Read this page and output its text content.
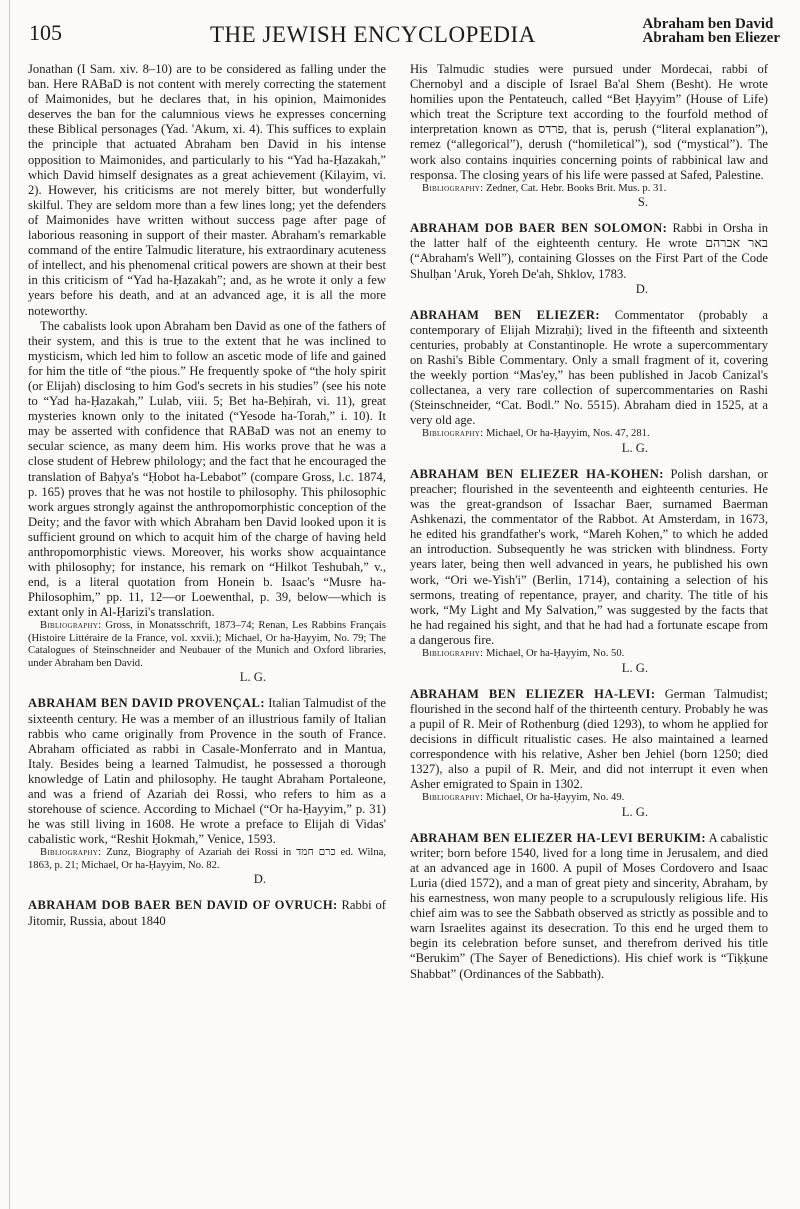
105	THE JEWISH ENCYCLOPEDIA	Abraham ben David
Abraham ben Eliezer

Jonathan (I Sam. xiv. 8–10) are to be considered as falling under the ban. Here RABaD is not content with merely correcting the statement of Maimonides, but he declares that, in his opinion, Maimonides deserves the ban for the calumnious views he expresses concerning these Biblical personages (Yad. 'Akum, xi. 4). This suffices to explain the principle that actuated Abraham ben David in his intense opposition to Maimonides, and particularly to his “Yad ha-Ḥazakah,” which David himself designates as a great achievement (Kilayim, vi. 2). However, his criticisms are not merely bitter, but wonderfully skilful. They are seldom more than a few lines long; yet the defenders of Maimonides have written without success page after page of laborious reasoning in support of their master. Abraham's remarkable command of the entire Talmudic literature, his extraordinary acuteness of intellect, and his phenomenal critical powers are shown at their best in this criticism of “Yad ha-Ḥazakah”; and, as he wrote it only a few years before his death, and at an advanced age, it is all the more noteworthy.

The cabalists look upon Abraham ben David as one of the fathers of their system, and this is true to the extent that he was inclined to mysticism, which led him to follow an ascetic mode of life and gained for him the title of “the pious.” He frequently spoke of “the holy spirit (or Elijah) disclosing to him God's secrets in his studies” (see his note to “Yad ha-Ḥazakah,” Lulab, viii. 5; Bet ha-Beḥirah, vi. 11), great mysteries known only to the initated (“Yesode ha-Torah,” i. 10). It may be asserted with confidence that RABaD was not an enemy to secular science, as many deem him. His works prove that he was a close student of Hebrew philology; and the fact that he encouraged the translation of Baḥya's “Ḥobot ha-Lebabot” (compare Gross, l.c. 1874, p. 165) proves that he was not hostile to philosophy. This philosophic work argues strongly against the anthropomorphistic conception of the Deity; and the favor with which Abraham ben David looked upon it is sufficient ground on which to acquit him of the charge of having held anthropomorphistic views. Moreover, his works show acquaintance with philosophy; for instance, his remark on “Hilkot Teshubah,” v., end, is a literal quotation from Honein b. Isaac's “Musre ha-Philosophim,” pp. 11, 12—or Loewenthal, p. 39, below—which is extant only in Al-Ḥarizi's translation.

Bibliography: Gross, in Monatsschrift, 1873–74; Renan, Les Rabbins Français (Histoire Littéraire de la France, vol. xxvii.); Michael, Or ha-Ḥayyim, No. 79; The Catalogues of Steinschneider and Neubauer of the Munich and Oxford libraries, under Abraham ben David.

L. G.

ABRAHAM BEN DAVID PROVENÇAL: Italian Talmudist of the sixteenth century. He was a member of an illustrious family of Italian rabbis who came originally from Provence in the south of France. Abraham officiated as rabbi in Casale-Monferrato and in Mantua, Italy. Besides being a learned Talmudist, he possessed a thorough knowledge of Latin and philosophy. He taught Abraham Portaleone, and was a friend of Azariah dei Rossi, who refers to him as a storehouse of science. According to Michael (“Or ha-Ḥayyim,” p. 31) he was still living in 1608. He wrote a preface to Elijah di Vidas' cabalistic work, “Reshit Ḥokmah,” Venice, 1593.

Bibliography: Zunz, Biography of Azariah dei Rossi in כרם חמד ed. Wilna, 1863, p. 21; Michael, Or ha-Ḥayyim, No. 82.

D.

ABRAHAM DOB BAER BEN DAVID OF OVRUCH: Rabbi of Jitomir, Russia, about 1840

His Talmudic studies were pursued under Mordecai, rabbi of Chernobyl and a disciple of Israel Ba'al Shem (Besht). He wrote homilies upon the Pentateuch, called “Bet Ḥayyim” (House of Life) which treat the Scripture text according to the fourfold method of interpretation known as פרדס, that is, perush (“literal explanation”), remez (“allegorical”), derush (“homiletical”), sod (“mystical”). The work also contains inquiries concerning points of rabbinical law and responsa. The closing years of his life were passed at Safed, Palestine.

Bibliography: Zedner, Cat. Hebr. Books Brit. Mus. p. 31.

S.

ABRAHAM DOB BAER BEN SOLOMON: Rabbi in Orsha in the latter half of the eighteenth century. He wrote באר אברהם (“Abraham's Well”), containing Glosses on the First Part of the Code Shulḥan 'Aruk, Yoreh De'ah, Shklov, 1783.

D.

ABRAHAM BEN ELIEZER: Commentator (probably a contemporary of Elijah Mizraḥi); lived in the fifteenth and sixteenth centuries, probably at Constantinople. He wrote a supercommentary on Rashi's Bible Commentary. Only a small fragment of it, covering the weekly portion “Mas'ey,” has been published in Jacob Canizal's collectanea, a very rare collection of supercommentaries on Rashi (Steinschneider, “Cat. Bodl.” No. 5515). Abraham died in 1525, at a very old age.

Bibliography: Michael, Or ha-Ḥayyim, Nos. 47, 281.

L. G.

ABRAHAM BEN ELIEZER HA-KOHEN: Polish darshan, or preacher; flourished in the seventeenth and eighteenth centuries. He was the great-grandson of Issachar Baer, surnamed Baerman Ashkenazi, the commentator of the Rabbot. At Amsterdam, in 1673, he edited his grandfather's work, “Mareh Kohen,” to which he added an introduction. Subsequently he was stricken with blindness. Forty years later, being then well advanced in years, he published his own work, “Ori we-Yish'i” (Berlin, 1714), containing a selection of his sermons, treating of repentance, prayer, and charity. The title of his work, “My Light and My Salvation,” was suggested by the facts that he had regained his sight, and that he had had a fortunate escape from a dangerous fire.

Bibliography: Michael, Or ha-Ḥayyim, No. 50.

L. G.

ABRAHAM BEN ELIEZER HA-LEVI: German Talmudist; flourished in the second half of the thirteenth century. Probably he was a pupil of R. Meir of Rothenburg (died 1293), to whom he applied for decisions in difficult ritualistic cases. He also maintained a learned correspondence with his relative, Asher ben Jehiel (born 1250; died 1327), also a pupil of R. Meir, and did not interrupt it even when Asher emigrated to Spain in 1302.

Bibliography: Michael, Or ha-Ḥayyim, No. 49.

L. G.

ABRAHAM BEN ELIEZER HA-LEVI BERUKIM: A cabalistic writer; born before 1540, lived for a long time in Jerusalem, and died at an advanced age in 1600. A pupil of Moses Cordovero and Isaac Luria (died 1572), and a man of great piety and sincerity, Abraham, by his earnestness, won many people to a scrupulously religious life. His chief aim was to see the Sabbath observed as strictly as possible and to warn Israelites against its desecration. To this end he urged them to begin its celebration before sunset, and therefrom derived his title “Berukim” (The Sayer of Benedictions). His chief work is “Tiḳḳune Shabbat” (Ordinances of the Sabbath).
